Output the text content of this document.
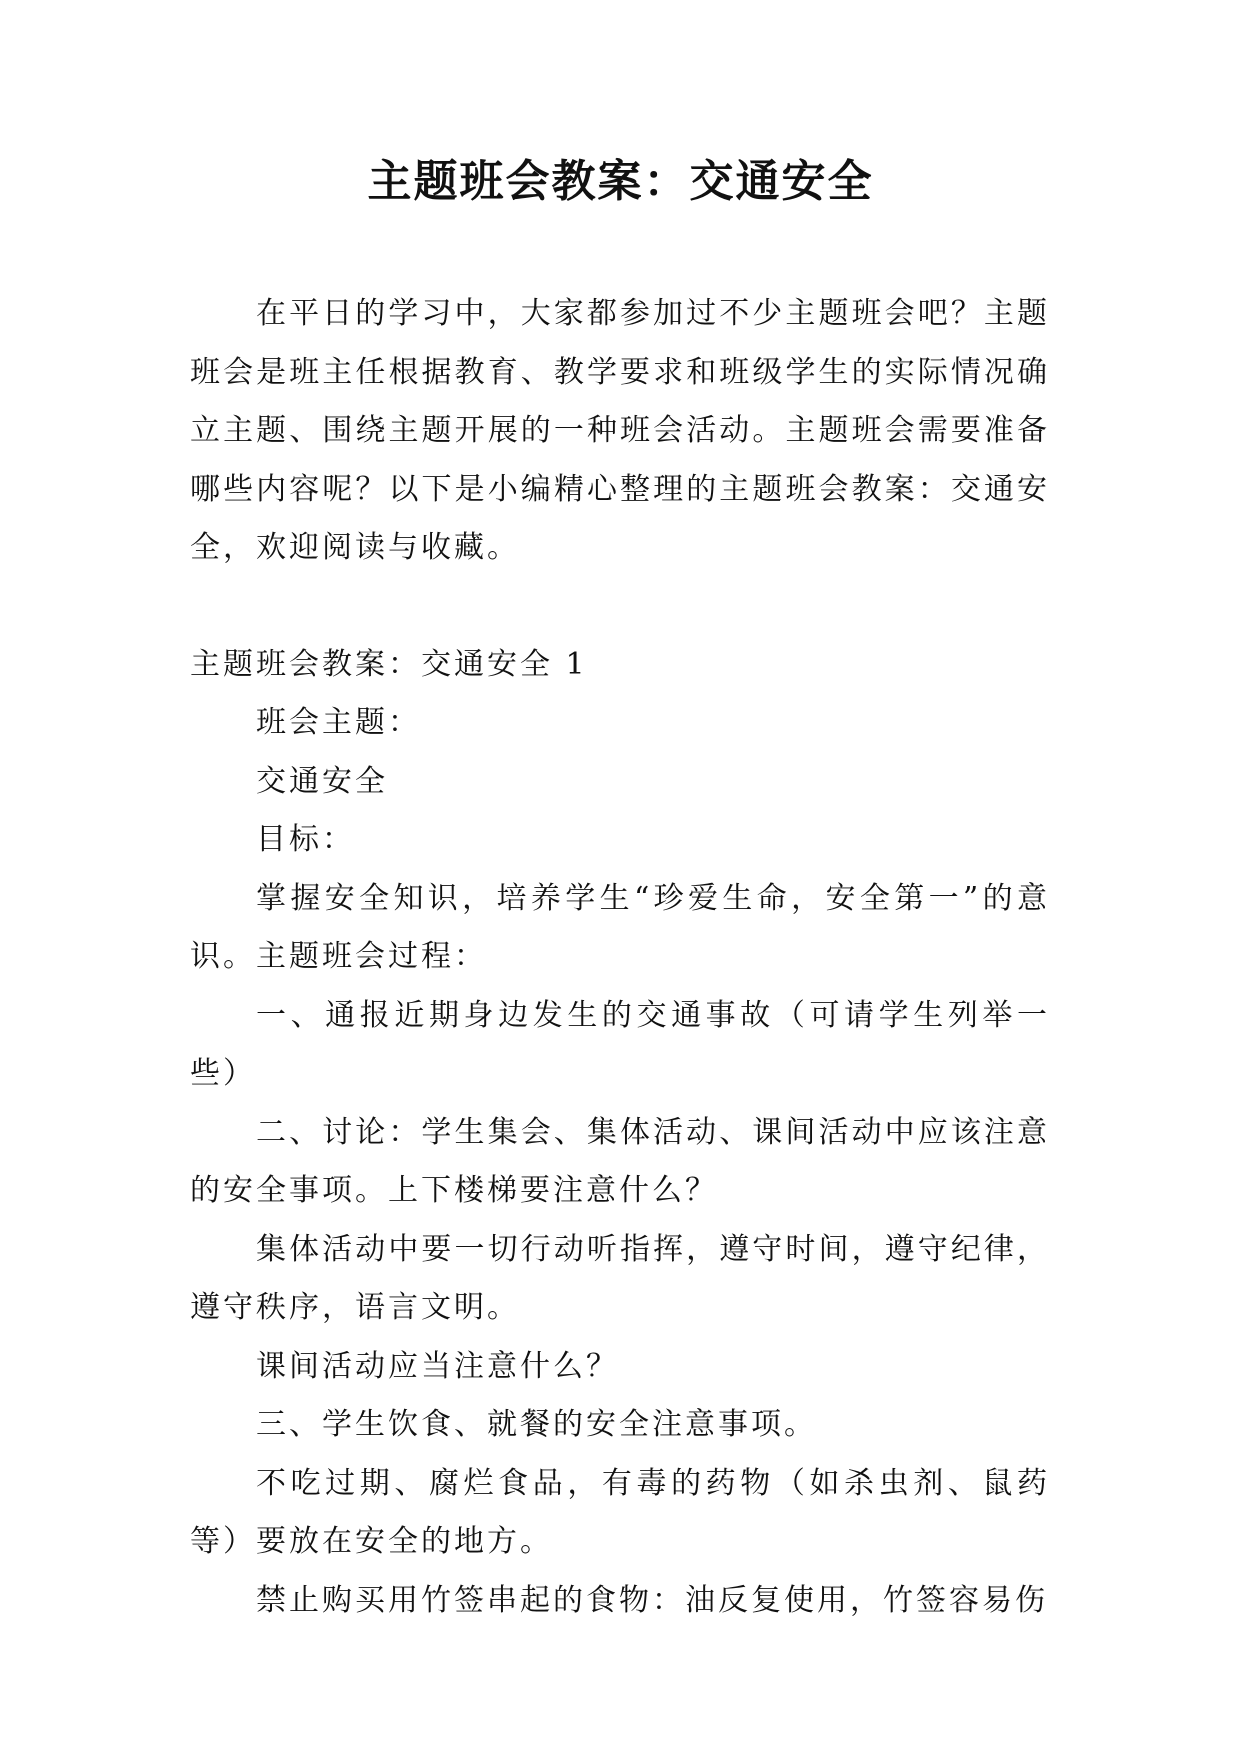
主题班会教案：交通安全

在平日的学习中，大家都参加过不少主题班会吧？主题班会是班主任根据教育、教学要求和班级学生的实际情况确立主题、围绕主题开展的一种班会活动。主题班会需要准备哪些内容呢？以下是小编精心整理的主题班会教案：交通安全，欢迎阅读与收藏。

主题班会教案：交通安全 1

班会主题：

交通安全

目标：

掌握安全知识，培养学生“珍爱生命，安全第一”的意识。主题班会过程：

一、通报近期身边发生的交通事故（可请学生列举一些）

二、讨论：学生集会、集体活动、课间活动中应该注意的安全事项。上下楼梯要注意什么？

集体活动中要一切行动听指挥，遵守时间，遵守纪律，遵守秩序，语言文明。

课间活动应当注意什么？

三、学生饮食、就餐的安全注意事项。

不吃过期、腐烂食品，有毒的药物（如杀虫剂、鼠药等）要放在安全的地方。

禁止购买用竹签串起的食物：油反复使用，竹签容易伤
